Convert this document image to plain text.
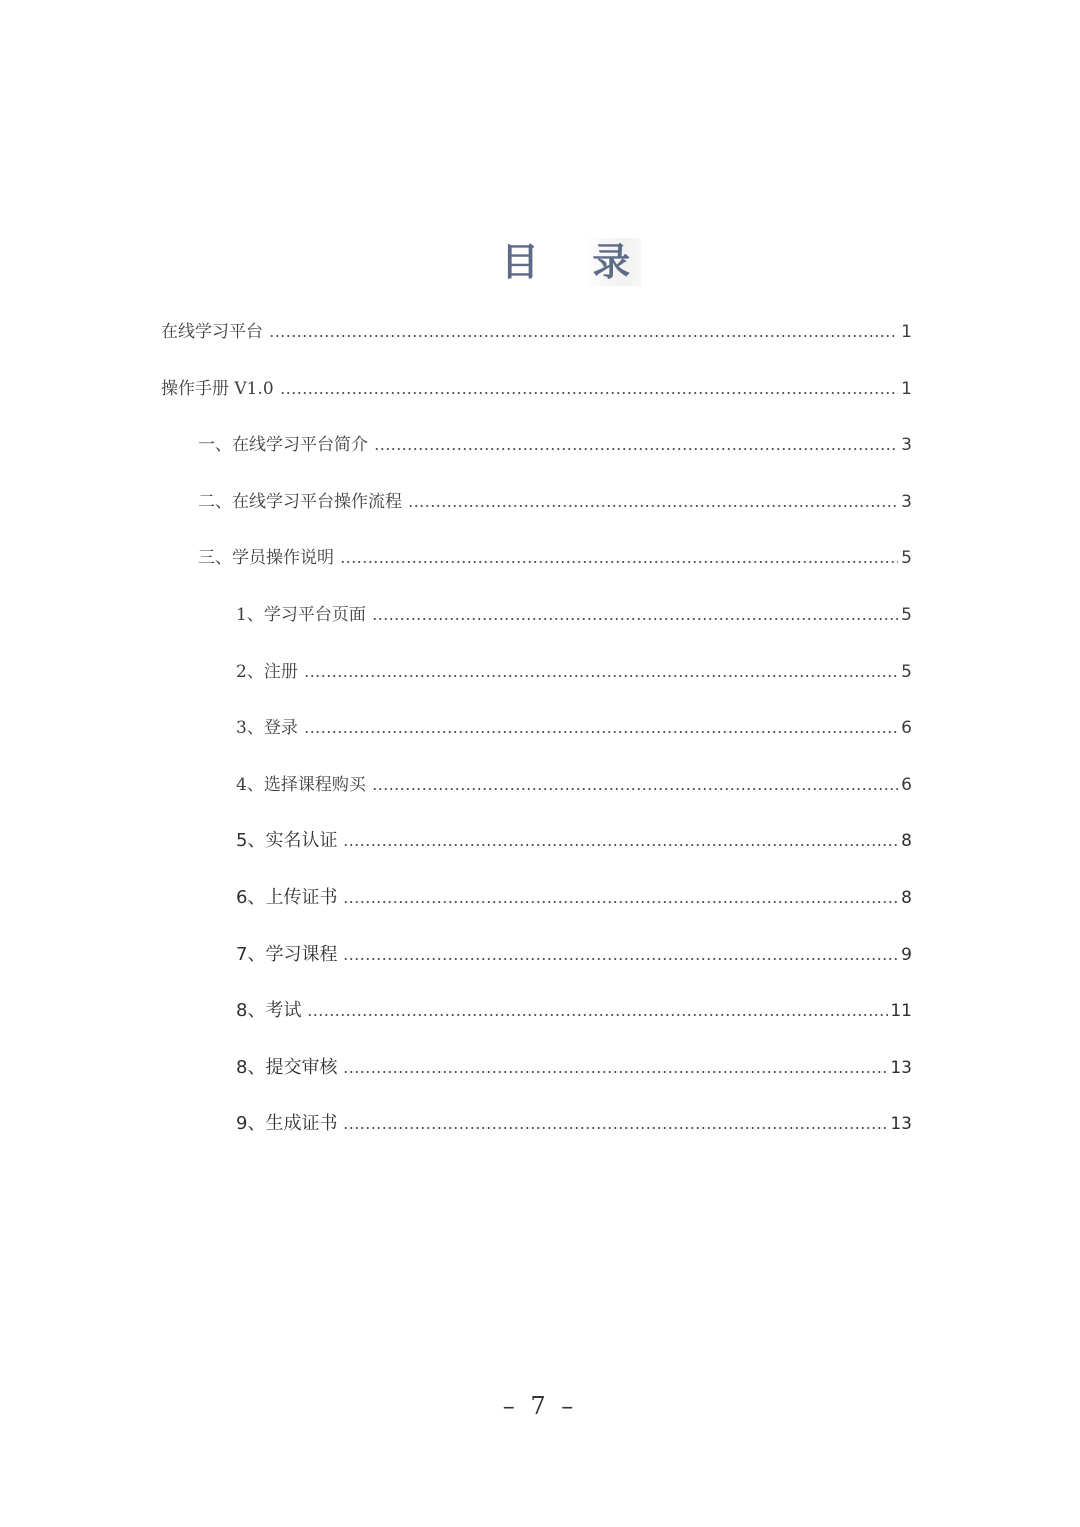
目 录
在线学习平台	1
操作手册 V1.0	1
一、在线学习平台简介	3
二、在线学习平台操作流程	3
三、学员操作说明	5
1、学习平台页面	5
2、注册	5
3、登录	6
4、选择课程购买	6
5、实名认证	8
6、上传证书	8
7、学习课程	9
8、考试	11
8、提交审核	13
9、生成证书	13
– 7 –
